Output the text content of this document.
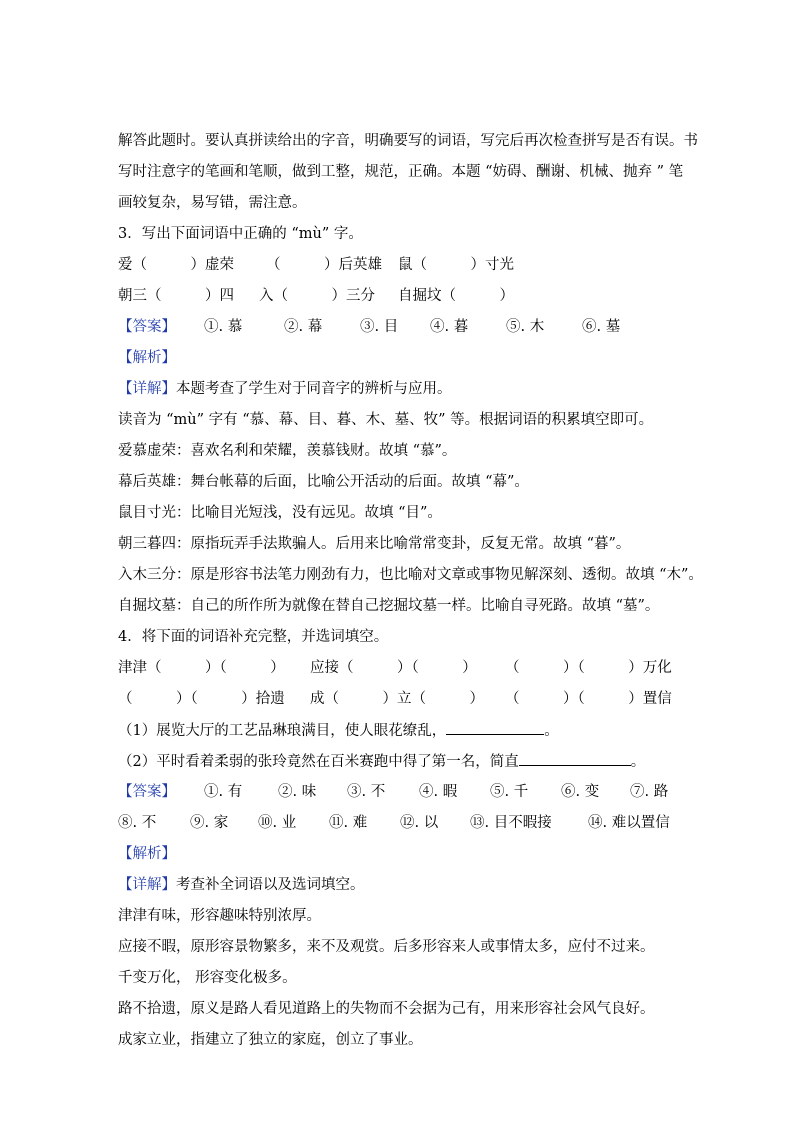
解答此题时。要认真拼读给出的字音，明确要写的词语，写完后再次检查拼写是否有误。书
写时注意字的笔画和笔顺，做到工整，规范，正确。本题 “妨碍、酬谢、机械、抛弃 ” 笔
画较复杂，易写错，需注意。
3．写出下面词语中正确的 “mù” 字。
爱（　　　）虚荣 （　　　）后英雄 鼠（　　　）寸光
朝三（　　　）四 入（　　　）三分 自掘坟（　　　）
【答案】 ①. 慕	②. 幕	③. 目 ④. 暮	⑤. 木	⑥. 墓
【解析】
【详解】本题考查了学生对于同音字的辨析与应用。
读音为 “mù” 字有 “慕、幕、目、暮、木、墓、牧” 等。根据词语的积累填空即可。
爱慕虚荣：喜欢名利和荣耀，羡慕钱财。故填 “慕”。
幕后英雄：舞台帐幕的后面，比喻公开活动的后面。故填 “幕”。
鼠目寸光：比喻目光短浅，没有远见。故填 “目”。
朝三暮四：原指玩弄手法欺骗人。后用来比喻常常变卦，反复无常。故填 “暮”。
入木三分：原是形容书法笔力刚劲有力，也比喻对文章或事物见解深刻、透彻。故填 “木”。
自掘坟墓：自己的所作所为就像在替自己挖掘坟墓一样。比喻自寻死路。故填 “墓”。
4．将下面的词语补充完整，并选词填空。
津津（　　　）（　　　） 应接（　　　）（　　　） （　　　）（　　　）万化
（　　　）（　　　）拾遗 成（　　　）立（　　　） （　　　）（　　　）置信
（1）展览大厅的工艺品琳琅满目，使人眼花缭乱，	。
（2）平时看着柔弱的张玲竟然在百米赛跑中得了第一名，简直	。
【答案】 ①. 有 ②. 味 ③. 不 ④. 暇 ⑤. 千 ⑥. 变 ⑦. 路
⑧. 不 ⑨. 家 ⑩. 业 ⑪. 难 ⑫. 以 ⑬. 目不暇接	⑭. 难以置信
【解析】
【详解】考查补全词语以及选词填空。
津津有味，形容趣味特别浓厚。
应接不暇，原形容景物繁多，来不及观赏。后多形容来人或事情太多，应付不过来。
千变万化， 形容变化极多。
路不拾遗，原义是路人看见道路上的失物而不会据为己有，用来形容社会风气良好。
成家立业，指建立了独立的家庭，创立了事业。
